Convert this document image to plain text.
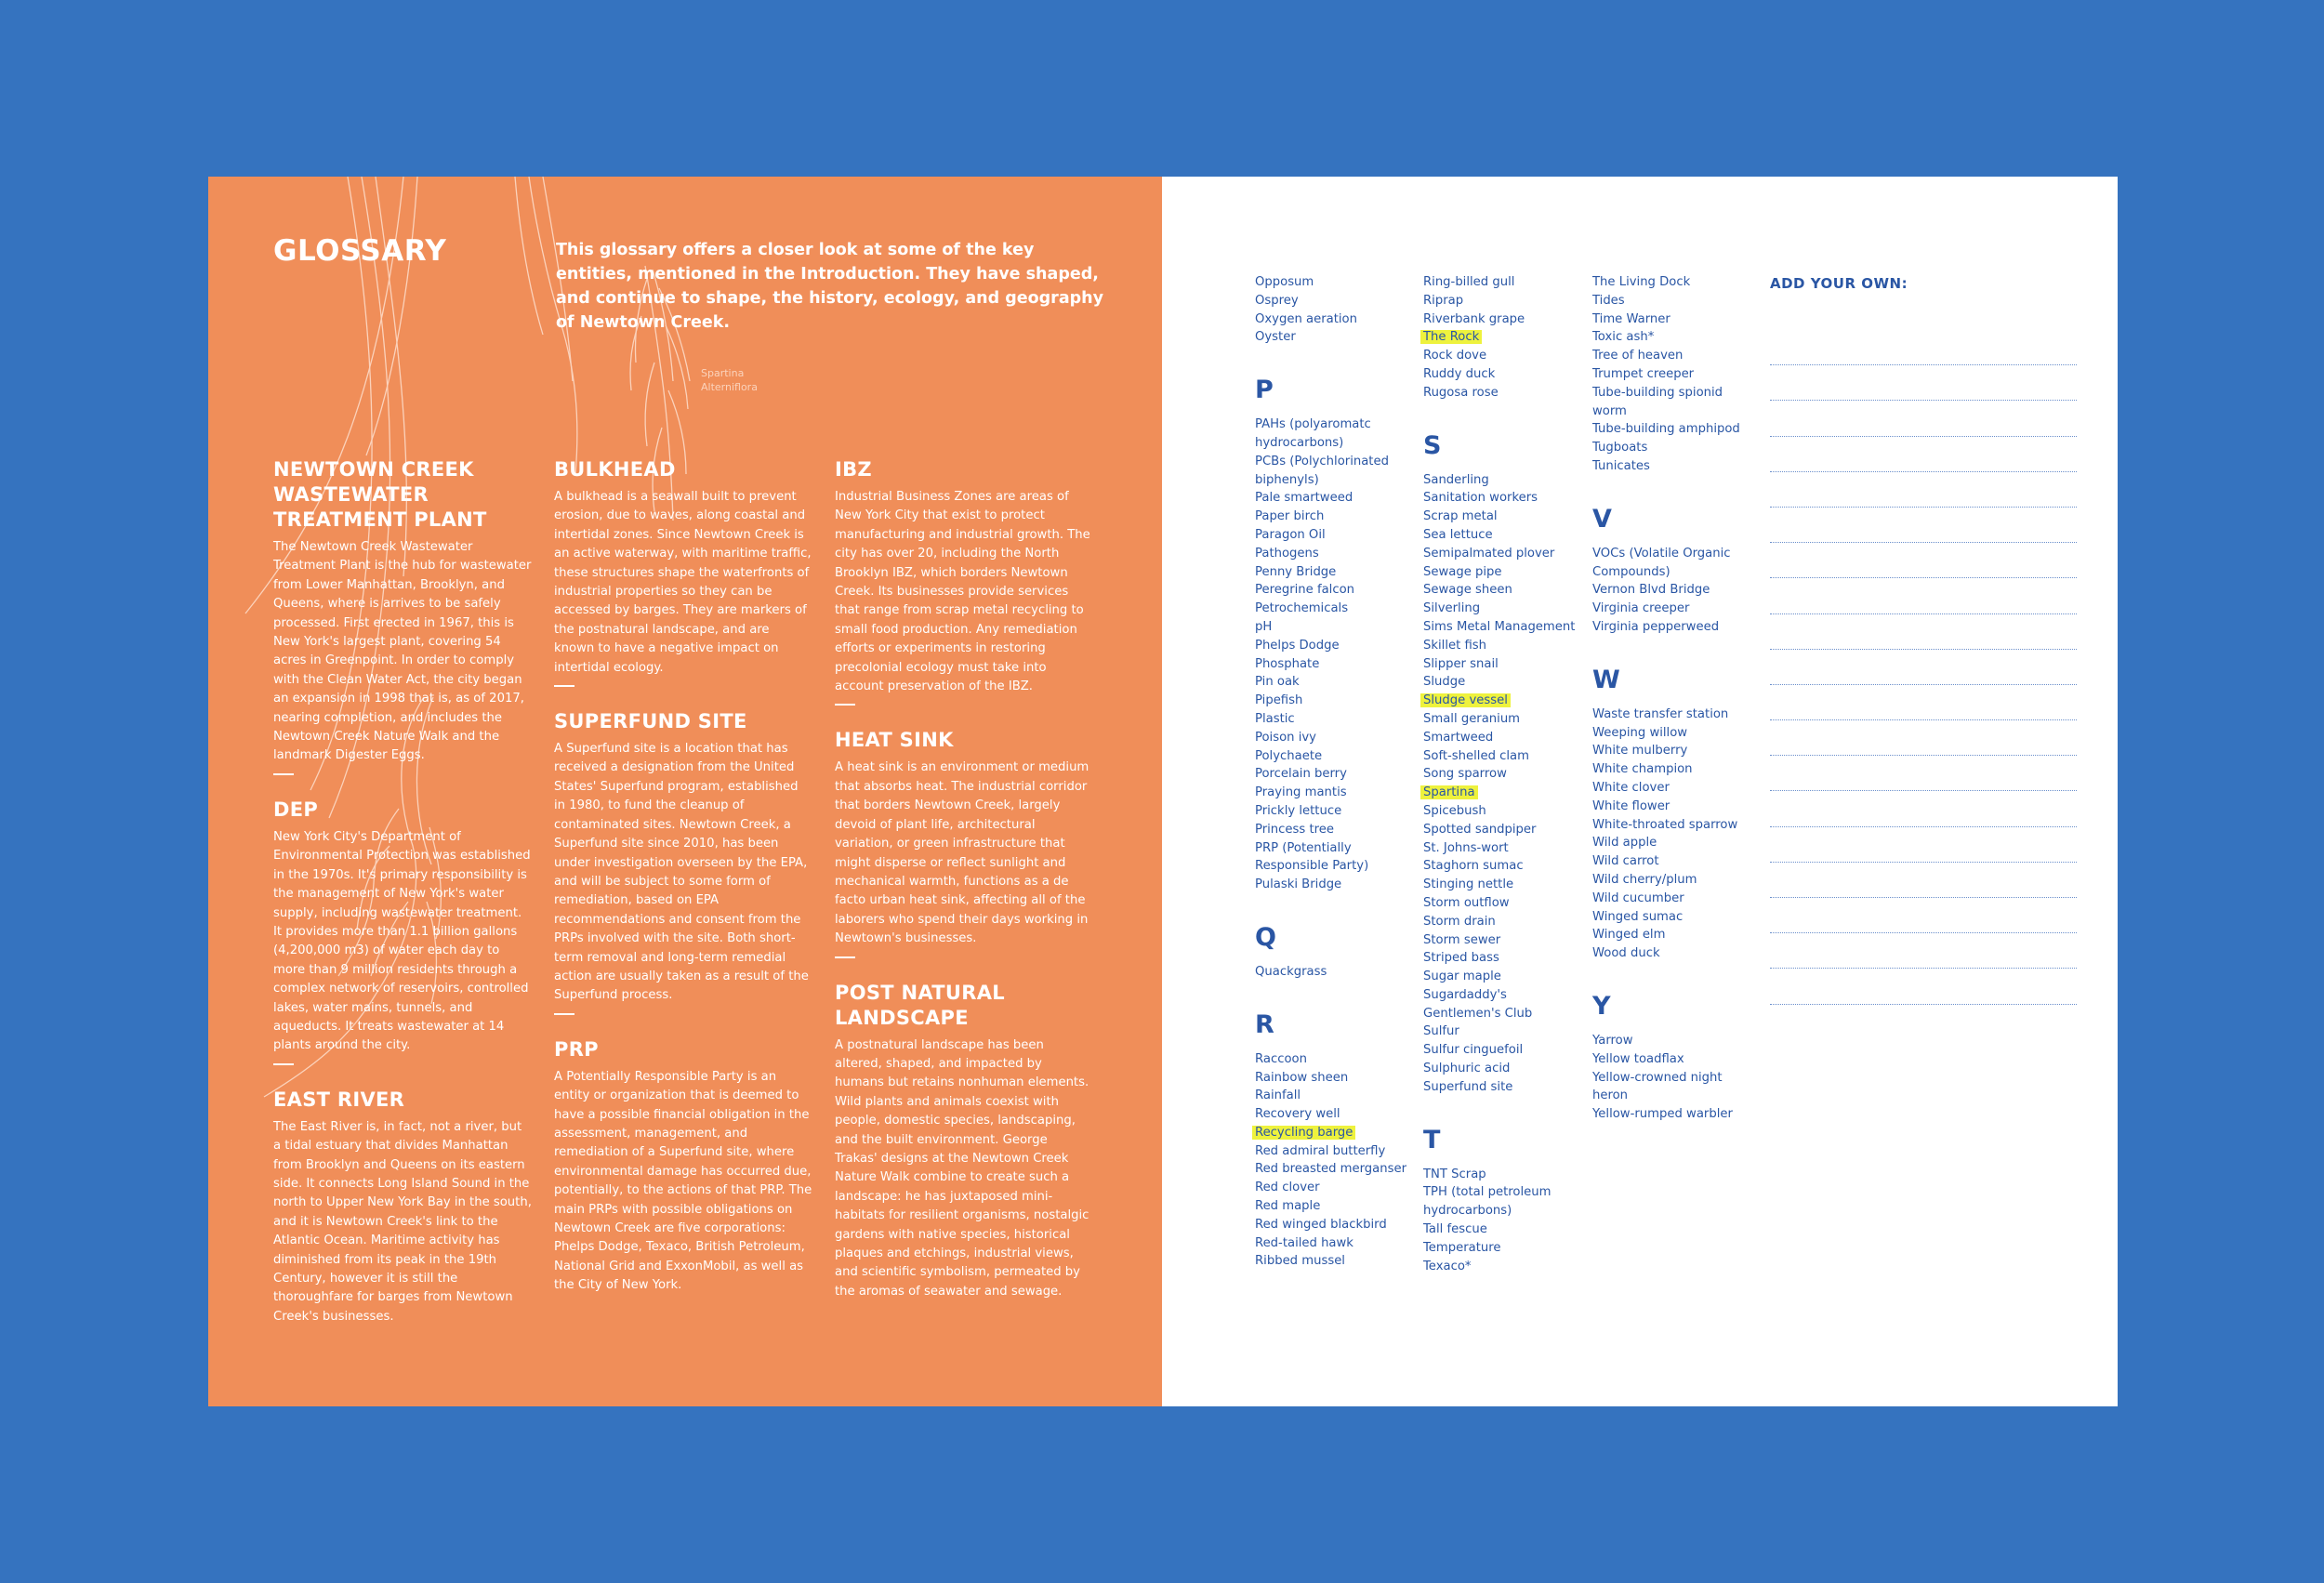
GLOSSARY	This glossary offers a closer look at some of the key entities, mentioned in the Introduction. They have shaped, and continue to shape, the history, ecology, and geography of Newtown Creek.

Spartina
Alterniflora
NEWTOWN CREEK WASTEWATER TREATMENT PLANT

The Newtown Creek Wastewater Treatment Plant is the hub for wastewater from Lower Manhattan, Brooklyn, and Queens, where is arrives to be safely processed. First erected in 1967, this is New York's largest plant, covering 54 acres in Greenpoint. In order to comply with the Clean Water Act, the city began an expansion in 1998 that is, as of 2017, nearing completion, and includes the Newtown Creek Nature Walk and the landmark Digester Eggs.

DEP

New York City's Department of Environmental Protection was established in the 1970s. It's primary responsibility is the management of New York's water supply, including wastewater treatment. It provides more than 1.1 billion gallons (4,200,000 m3) of water each day to more than 9 million residents through a complex network of reservoirs, controlled lakes, water mains, tunnels, and aqueducts. It treats wastewater at 14 plants around the city.

EAST RIVER

The East River is, in fact, not a river, but a tidal estuary that divides Manhattan from Brooklyn and Queens on its eastern side. It connects Long Island Sound in the north to Upper New York Bay in the south, and it is Newtown Creek's link to the Atlantic Ocean. Maritime activity has diminished from its peak in the 19th Century, however it is still the thoroughfare for barges from Newtown Creek's businesses.

BULKHEAD

A bulkhead is a seawall built to prevent erosion, due to waves, along coastal and intertidal zones. Since Newtown Creek is an active waterway, with maritime traffic, these structures shape the waterfronts of industrial properties so they can be accessed by barges. They are markers of the postnatural landscape, and are known to have a negative impact on intertidal ecology.

SUPERFUND SITE

A Superfund site is a location that has received a designation from the United States' Superfund program, established in 1980, to fund the cleanup of contaminated sites. Newtown Creek, a Superfund site since 2010, has been under investigation overseen by the EPA, and will be subject to some form of remediation, based on EPA recommendations and consent from the PRPs involved with the site. Both short-term removal and long-term remedial action are usually taken as a result of the Superfund process.

PRP

A Potentially Responsible Party is an entity or organization that is deemed to have a possible financial obligation in the assessment, management, and remediation of a Superfund site, where environmental damage has occurred due, potentially, to the actions of that PRP. The main PRPs with possible obligations on Newtown Creek are five corporations: Phelps Dodge, Texaco, British Petroleum, National Grid and ExxonMobil, as well as the City of New York.

IBZ

Industrial Business Zones are areas of New York City that exist to protect manufacturing and industrial growth. The city has over 20, including the North Brooklyn IBZ, which borders Newtown Creek. Its businesses provide services that range from scrap metal recycling to small food production. Any remediation efforts or experiments in restoring precolonial ecology must take into account preservation of the IBZ.

HEAT SINK

A heat sink is an environment or medium that absorbs heat. The industrial corridor that borders Newtown Creek, largely devoid of plant life, architectural variation, or green infrastructure that might disperse or reflect sunlight and mechanical warmth, functions as a de facto urban heat sink, affecting all of the laborers who spend their days working in Newtown's businesses.

POST NATURAL LANDSCAPE

A postnatural landscape has been altered, shaped, and impacted by humans but retains nonhuman elements. Wild plants and animals coexist with people, domestic species, landscaping, and the built environment. George Trakas' designs at the Newtown Creek Nature Walk combine to create such a landscape: he has juxtaposed mini-habitats for resilient organisms, nostalgic gardens with native species, historical plaques and etchings, industrial views, and scientific symbolism, permeated by the aromas of seawater and sewage.

Opposum
Osprey
Oxygen aeration
Oyster
P
PAHs (polyaromatc hydrocarbons)
PCBs (Polychlorinated biphenyls)
Pale smartweed
Paper birch
Paragon Oil
Pathogens
Penny Bridge
Peregrine falcon
Petrochemicals
pH
Phelps Dodge
Phosphate
Pin oak
Pipefish
Plastic
Poison ivy
Polychaete
Porcelain berry
Praying mantis
Prickly lettuce
Princess tree
PRP (Potentially Responsible Party)
Pulaski Bridge
Q
Quackgrass
R
Raccoon
Rainbow sheen
Rainfall
Recovery well
Recycling barge
Red admiral butterfly
Red breasted merganser
Red clover
Red maple
Red winged blackbird
Red-tailed hawk
Ribbed mussel
Ring-billed gull
Riprap
Riverbank grape
The Rock
Rock dove
Ruddy duck
Rugosa rose
S
Sanderling
Sanitation workers
Scrap metal
Sea lettuce
Semipalmated plover
Sewage pipe
Sewage sheen
Silverling
Sims Metal Management
Skillet fish
Slipper snail
Sludge
Sludge vessel
Small geranium
Smartweed
Soft-shelled clam
Song sparrow
Spartina
Spicebush
Spotted sandpiper
St. Johns-wort
Staghorn sumac
Stinging nettle
Storm outflow
Storm drain
Storm sewer
Striped bass
Sugar maple
Sugardaddy's Gentlemen's Club
Sulfur
Sulfur cinguefoil
Sulphuric acid
Superfund site
T
TNT Scrap
TPH (total petroleum hydrocarbons)
Tall fescue
Temperature
Texaco*
The Living Dock
Tides
Time Warner
Toxic ash*
Tree of heaven
Trumpet creeper
Tube-building spionid worm
Tube-building amphipod
Tugboats
Tunicates
V
VOCs (Volatile Organic Compounds)
Vernon Blvd Bridge
Virginia creeper
Virginia pepperweed
W
Waste transfer station
Weeping willow
White mulberry
White champion
White clover
White flower
White-throated sparrow
Wild apple
Wild carrot
Wild cherry/plum
Wild cucumber
Winged sumac
Winged elm
Wood duck
Y
Yarrow
Yellow toadflax
Yellow-crowned night heron
Yellow-rumped warbler
ADD YOUR OWN:
